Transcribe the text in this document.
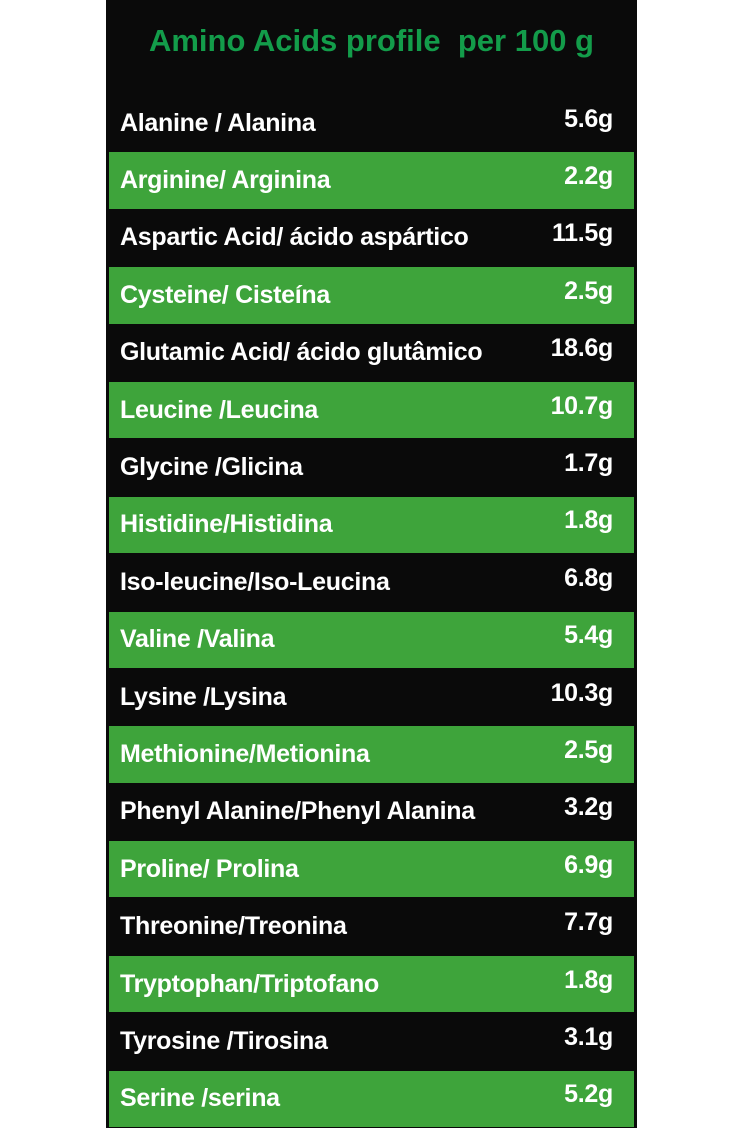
Amino Acids profile  per 100 g
Alanine / Alanina	5.6g
Arginine/ Arginina	2.2g
Aspartic Acid/ ácido aspártico	11.5g
Cysteine/ Cisteína	2.5g
Glutamic Acid/ ácido glutâmico	18.6g
Leucine /Leucina	10.7g
Glycine /Glicina	1.7g
Histidine/Histidina	1.8g
Iso-leucine/Iso-Leucina	6.8g
Valine /Valina	5.4g
Lysine /Lysina	10.3g
Methionine/Metionina	2.5g
Phenyl Alanine/Phenyl Alanina	3.2g
Proline/ Prolina	6.9g
Threonine/Treonina	7.7g
Tryptophan/Triptofano	1.8g
Tyrosine /Tirosina	3.1g
Serine /serina	5.2g
